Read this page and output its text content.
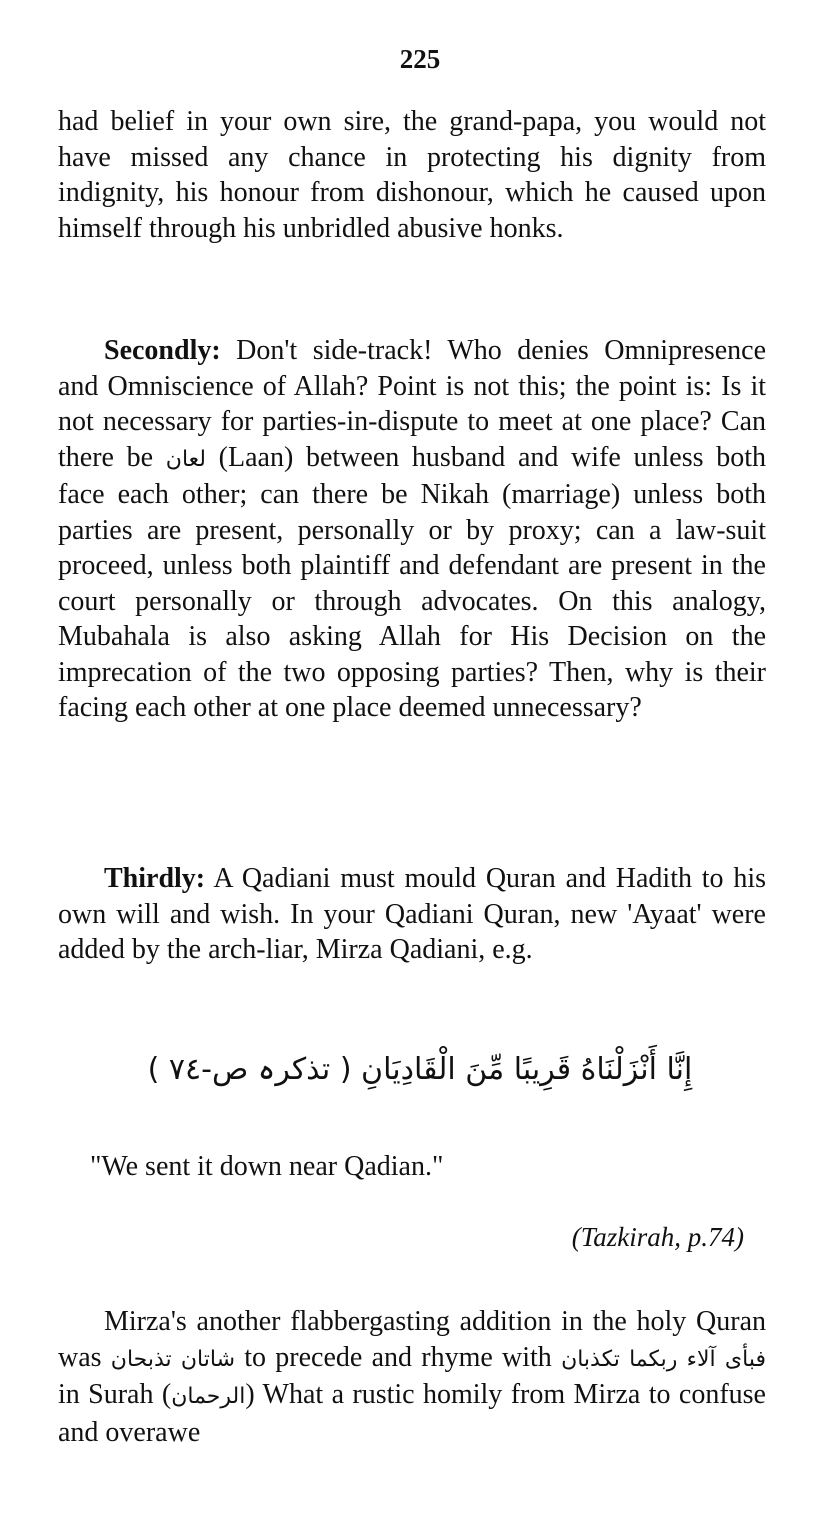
225

had belief in your own sire, the grand-papa, you would not have missed any chance in protecting his dignity from indignity, his honour from dishonour, which he caused upon himself through his unbridled abusive honks.

Secondly: Don't side-track! Who denies Omnipresence and Omniscience of Allah? Point is not this; the point is: Is it not necessary for parties-in-dispute to meet at one place? Can there be لعان (Laan) between husband and wife unless both face each other; can there be Nikah (marriage) unless both parties are present, personally or by proxy; can a law-suit proceed, unless both plaintiff and defendant are present in the court personally or through advocates. On this analogy, Mubahala is also asking Allah for His Decision on the imprecation of the two opposing parties? Then, why is their facing each other at one place deemed unnecessary?

Thirdly: A Qadiani must mould Quran and Hadith to his own will and wish. In your Qadiani Quran, new 'Ayaat' were added by the arch-liar, Mirza Qadiani, e.g.

إِنَّا أَنْزَلْنَاهُ قَرِيبًا مِّنَ الْقَادِيَانِ ( تذکرہ ص-٧٤ )
"We sent it down near Qadian."
(Tazkirah, p.74)

Mirza's another flabbergasting addition in the holy Quran was شاتان تذبحان to precede and rhyme with فبأی آلاء ربکما تکذبان in Surah (الرحمان) What a rustic homily from Mirza to confuse and overawe
